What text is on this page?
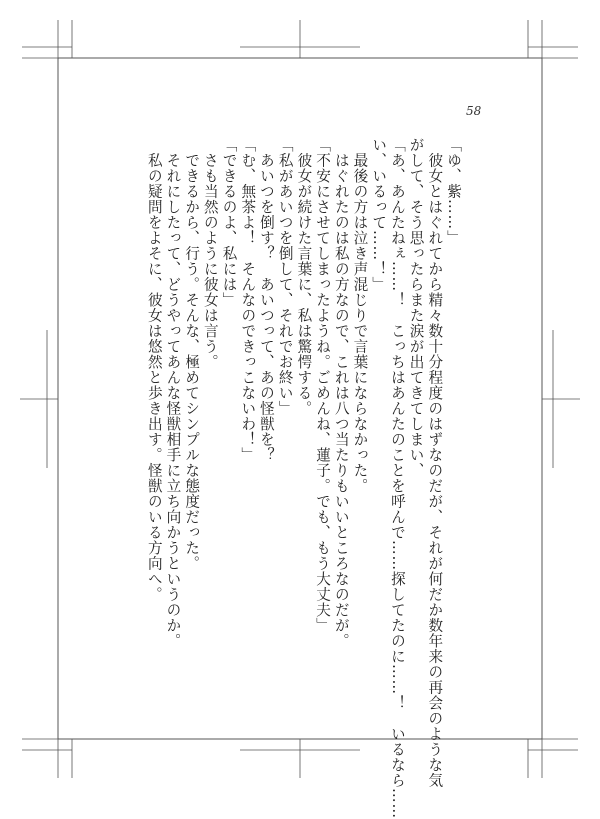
58

「ゆ、紫……」

　彼女とはぐれてから精々数十分程度のはずなのだが、それが何だか数年来の再会のような気

がして、そう思ったらまた涙が出てきてしまい、

「あ、あんたねぇ……！　こっちはあんたのことを呼んで……探してたのに……！　いるなら……

い、いるって……！」

　最後の方は泣き声混じりで言葉にならなかった。

　はぐれたのは私の方なので、これは八つ当たりもいいところなのだが。

「不安にさせてしまったようね。ごめんね、蓮子。でも、もう大丈夫」

　彼女が続けた言葉に、私は驚愕する。

「私があいつを倒して、それでお終い」

　あいつを倒す？　あいつって、あの怪獣を？

「む、無茶よ！　そんなのできっこないわ！」

「できるのよ、私には」

　さも当然のように彼女は言う。

　できるから、行う。そんな、極めてシンプルな態度だった。

　それにしたって、どうやってあんな怪獣相手に立ち向かうというのか。

　私の疑問をよそに、彼女は悠然と歩き出す。怪獣のいる方向へ。
